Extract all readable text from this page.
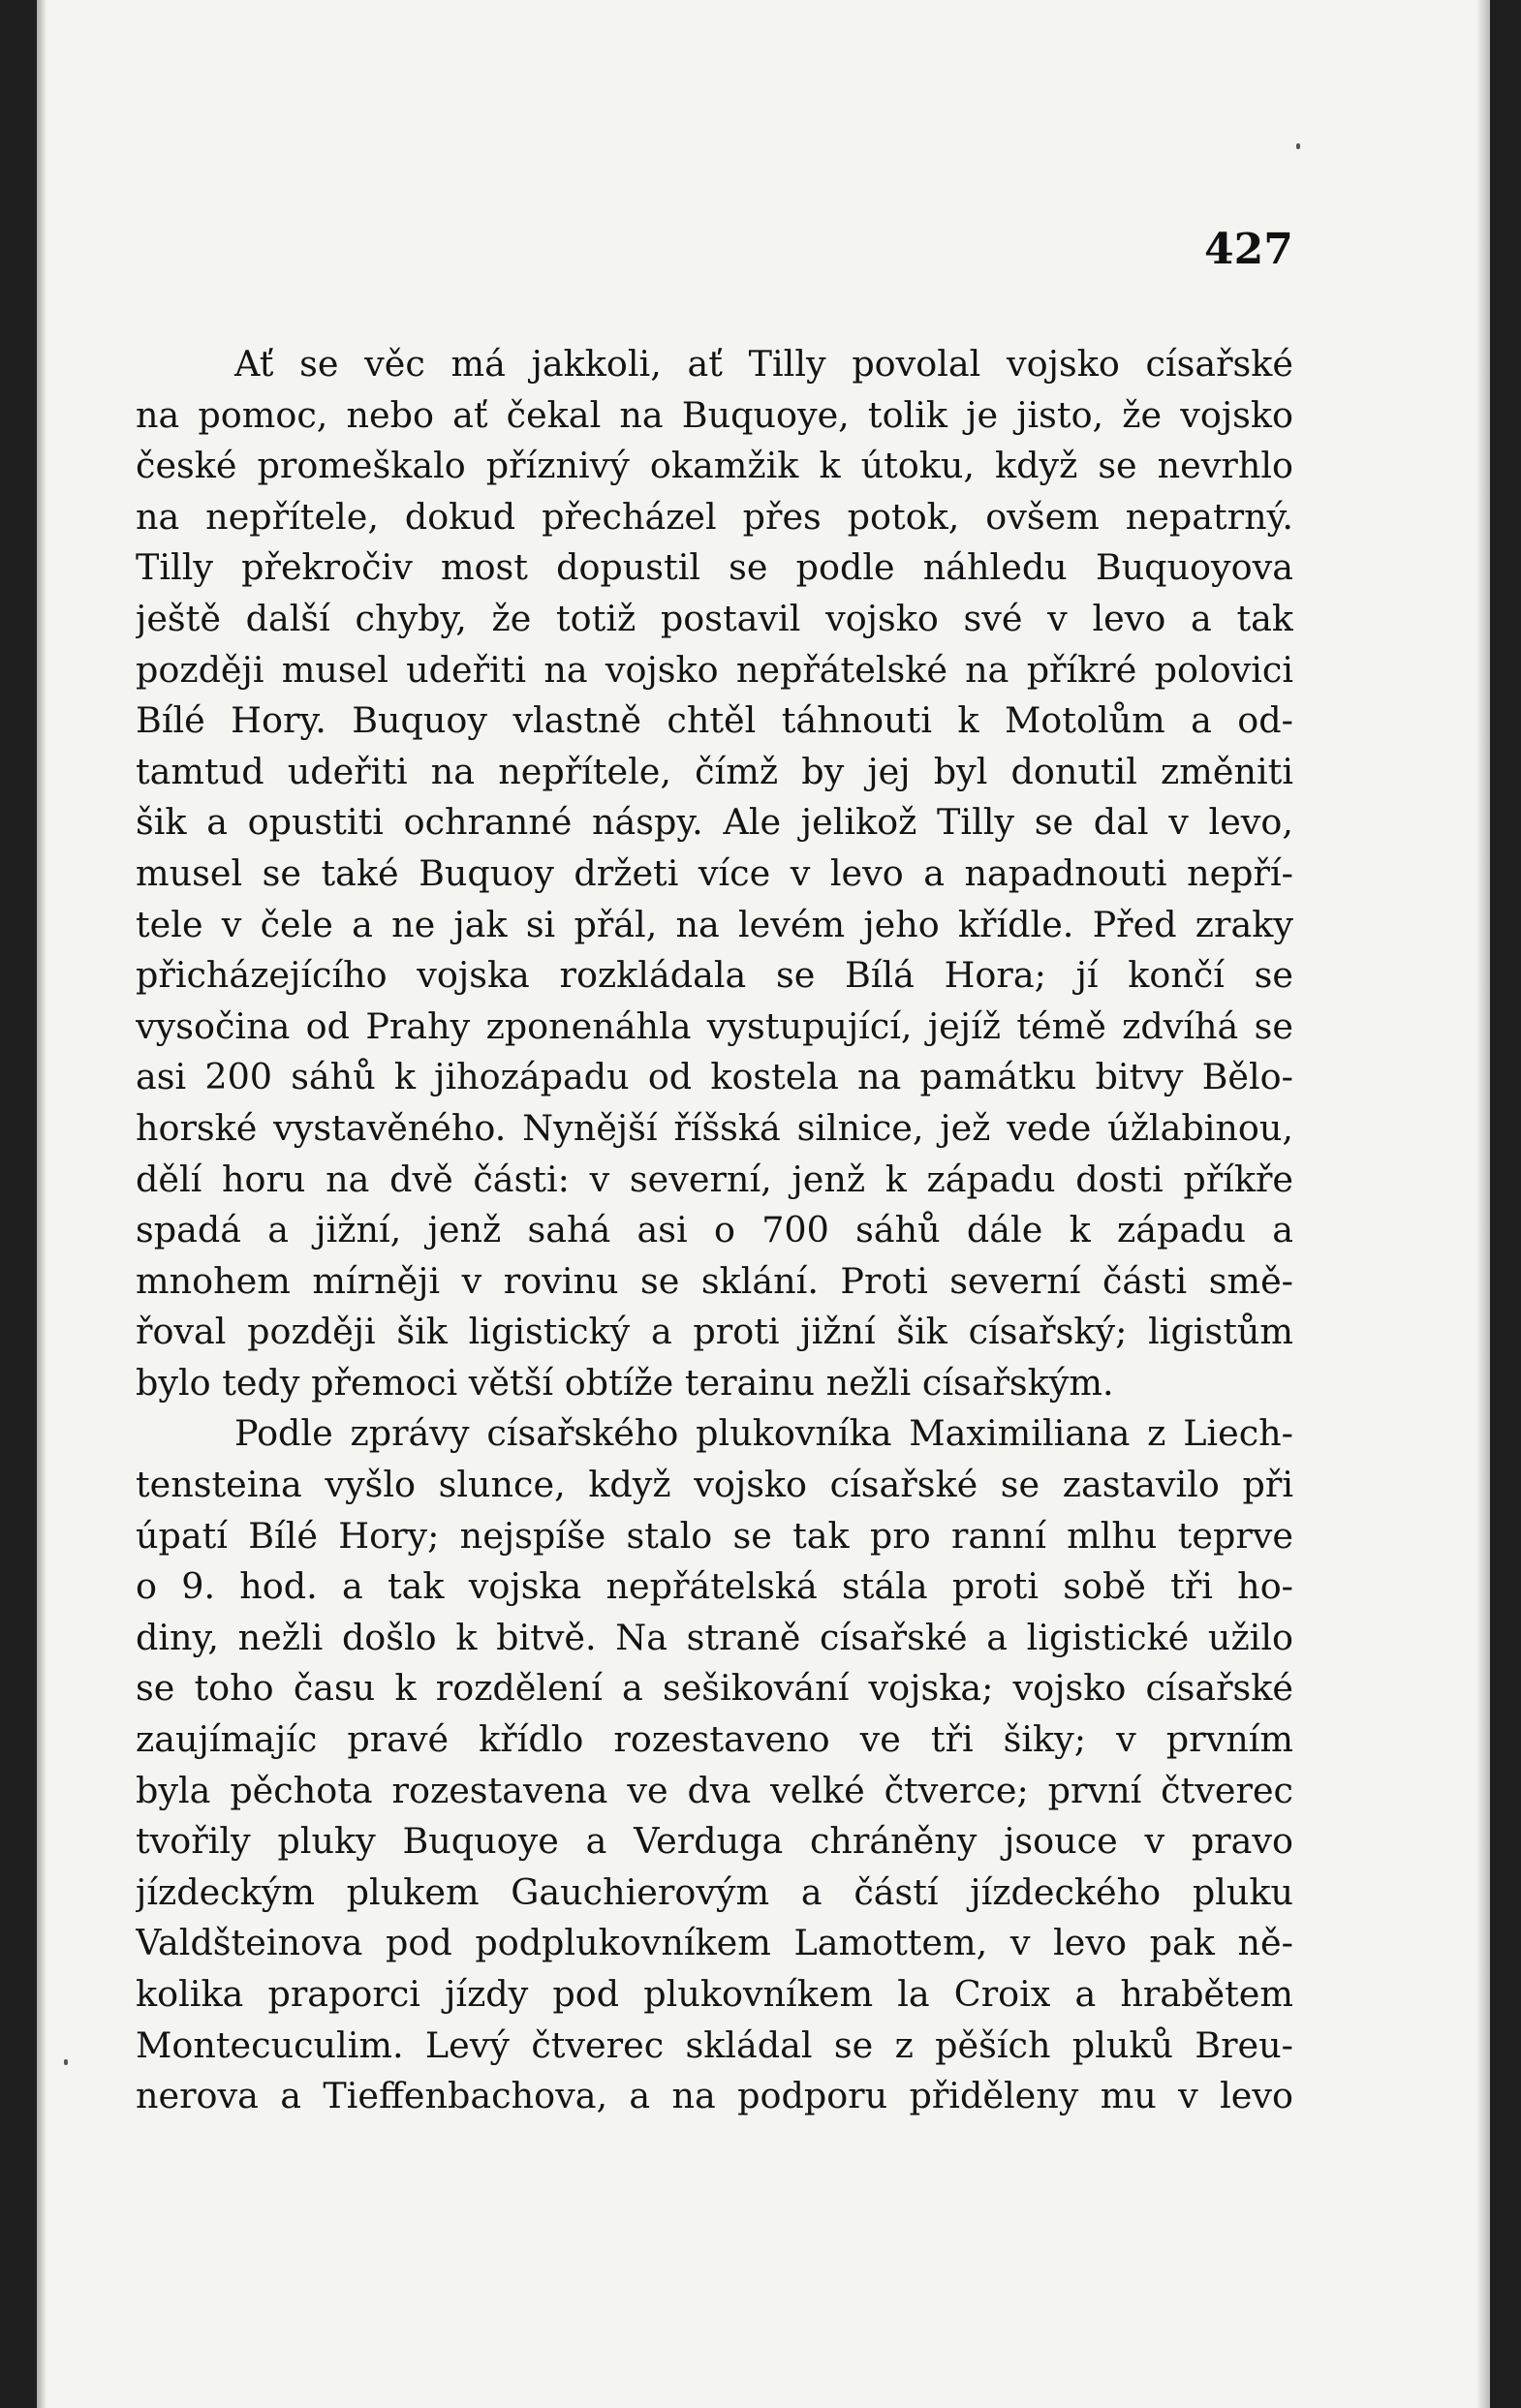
427
Ať se věc má jakkoli, ať Tilly povolal vojsko císařské
na pomoc, nebo ať čekal na Buquoye, tolik je jisto, že vojsko
české promeškalo příznivý okamžik k útoku, když se nevrhlo
na nepřítele, dokud přecházel přes potok, ovšem nepatrný.
Tilly překročiv most dopustil se podle náhledu Buquoyova
ještě další chyby, že totiž postavil vojsko své v levo a tak
později musel udeřiti na vojsko nepřátelské na příkré polovici
Bílé Hory. Buquoy vlastně chtěl táhnouti k Motolům a od-
tamtud udeřiti na nepřítele, čímž by jej byl donutil změniti
šik a opustiti ochranné náspy. Ale jelikož Tilly se dal v levo,
musel se také Buquoy držeti více v levo a napadnouti nepří-
tele v čele a ne jak si přál, na levém jeho křídle. Před zraky
přicházejícího vojska rozkládala se Bílá Hora; jí končí se
vysočina od Prahy zponenáhla vystupující, jejíž témě zdvíhá se
asi 200 sáhů k jihozápadu od kostela na památku bitvy Bělo-
horské vystavěného. Nynější říšská silnice, jež vede úžlabinou,
dělí horu na dvě části: v severní, jenž k západu dosti příkře
spadá a jižní, jenž sahá asi o 700 sáhů dále k západu a
mnohem mírněji v rovinu se sklání. Proti severní části smě-
řoval později šik ligistický a proti jižní šik císařský; ligistům
bylo tedy přemoci větší obtíže terainu nežli císařským.
Podle zprávy císařského plukovníka Maximiliana z Liech-
tensteina vyšlo slunce, když vojsko císařské se zastavilo při
úpatí Bílé Hory; nejspíše stalo se tak pro ranní mlhu teprve
o 9. hod. a tak vojska nepřátelská stála proti sobě tři ho-
diny, nežli došlo k bitvě. Na straně císařské a ligistické užilo
se toho času k rozdělení a sešikování vojska; vojsko císařské
zaujímajíc pravé křídlo rozestaveno ve tři šiky; v prvním
byla pěchota rozestavena ve dva velké čtverce; první čtverec
tvořily pluky Buquoye a Verduga chráněny jsouce v pravo
jízdeckým plukem Gauchierovým a částí jízdeckého pluku
Valdšteinova pod podplukovníkem Lamottem, v levo pak ně-
kolika praporci jízdy pod plukovníkem la Croix a hrabětem
Montecuculim. Levý čtverec skládal se z pěších pluků Breu-
nerova a Tieffenbachova, a na podporu přiděleny mu v levo
